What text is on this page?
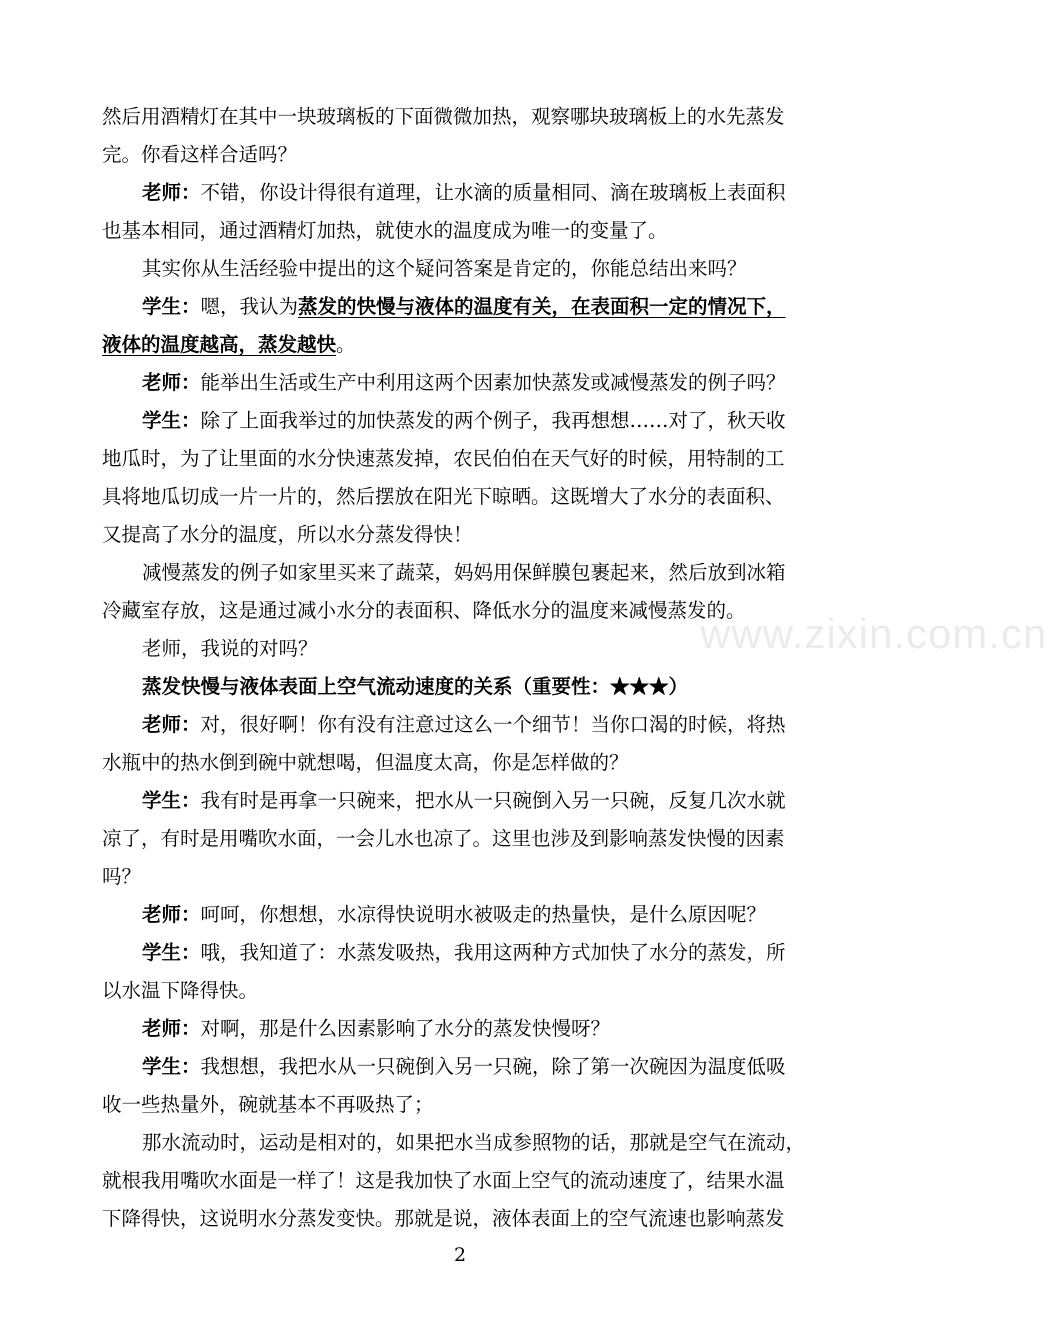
然后用酒精灯在其中一块玻璃板的下面微微加热，观察哪块玻璃板上的水先蒸发
完。你看这样合适吗？
老师：不错，你设计得很有道理，让水滴的质量相同、滴在玻璃板上表面积
也基本相同，通过酒精灯加热，就使水的温度成为唯一的变量了。
其实你从生活经验中提出的这个疑问答案是肯定的，你能总结出来吗？
学生：嗯，我认为蒸发的快慢与液体的温度有关，在表面积一定的情况下，
液体的温度越高，蒸发越快。
老师：能举出生活或生产中利用这两个因素加快蒸发或减慢蒸发的例子吗？
学生：除了上面我举过的加快蒸发的两个例子，我再想想……对了，秋天收
地瓜时，为了让里面的水分快速蒸发掉，农民伯伯在天气好的时候，用特制的工
具将地瓜切成一片一片的，然后摆放在阳光下晾晒。这既增大了水分的表面积、
又提高了水分的温度，所以水分蒸发得快！
减慢蒸发的例子如家里买来了蔬菜，妈妈用保鲜膜包裹起来，然后放到冰箱
冷藏室存放，这是通过减小水分的表面积、降低水分的温度来减慢蒸发的。
老师，我说的对吗？
蒸发快慢与液体表面上空气流动速度的关系（重要性：★★★）
老师：对，很好啊！你有没有注意过这么一个细节！当你口渴的时候，将热
水瓶中的热水倒到碗中就想喝，但温度太高，你是怎样做的？
学生：我有时是再拿一只碗来，把水从一只碗倒入另一只碗，反复几次水就
凉了，有时是用嘴吹水面，一会儿水也凉了。这里也涉及到影响蒸发快慢的因素
吗？
老师：呵呵，你想想，水凉得快说明水被吸走的热量快，是什么原因呢？
学生：哦，我知道了：水蒸发吸热，我用这两种方式加快了水分的蒸发，所
以水温下降得快。
老师：对啊，那是什么因素影响了水分的蒸发快慢呀？
学生：我想想，我把水从一只碗倒入另一只碗，除了第一次碗因为温度低吸
收一些热量外，碗就基本不再吸热了；
那水流动时，运动是相对的，如果把水当成参照物的话，那就是空气在流动，
就根我用嘴吹水面是一样了！这是我加快了水面上空气的流动速度了，结果水温
下降得快，这说明水分蒸发变快。那就是说，液体表面上的空气流速也影响蒸发
www.zixin.com.cn
2
